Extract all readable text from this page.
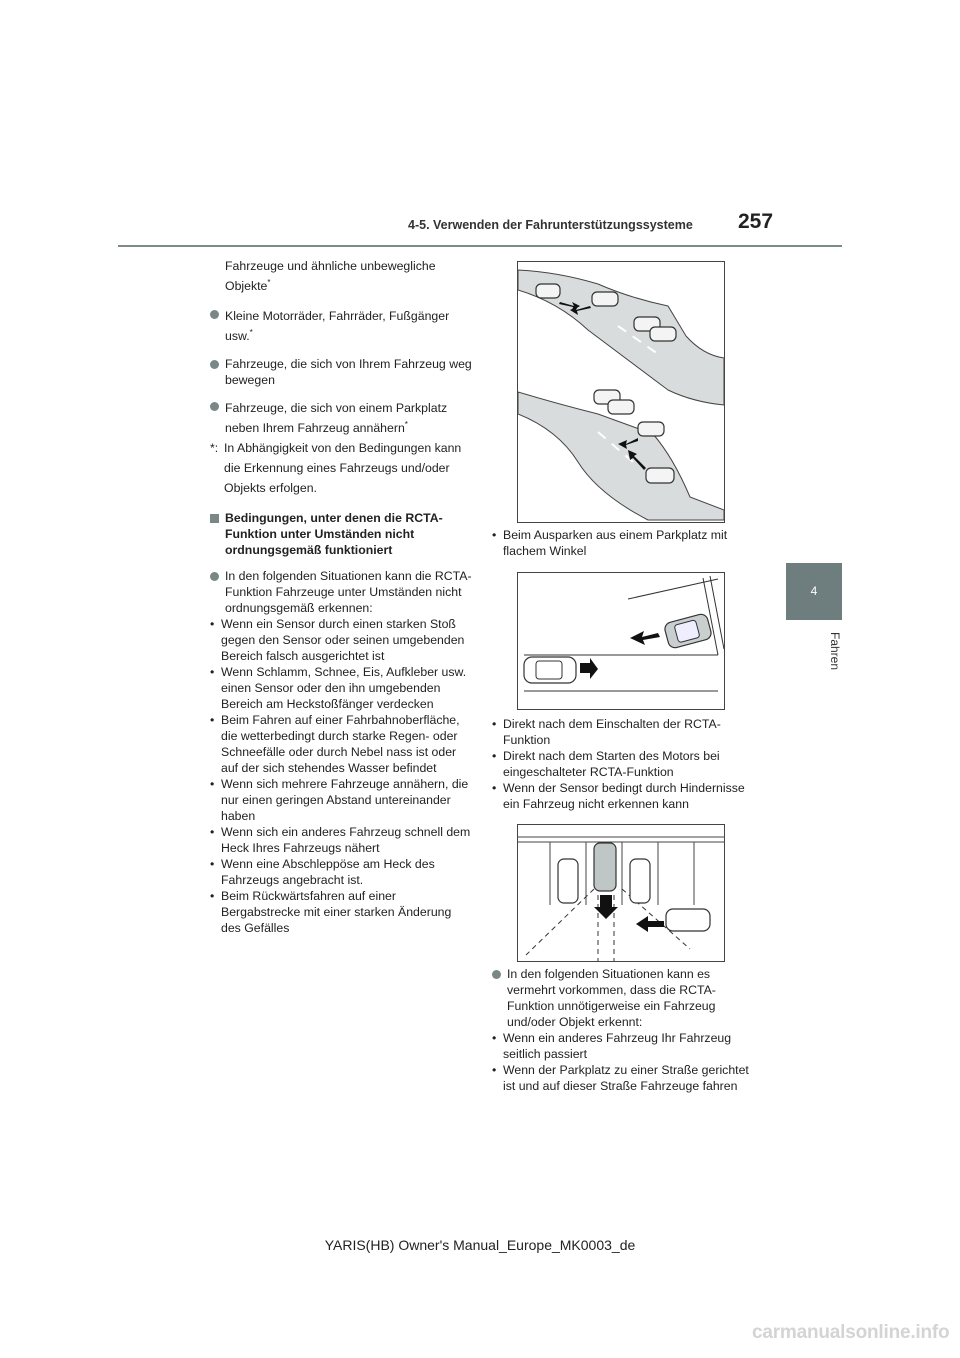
4-5. Verwenden der Fahrunterstützungssysteme 257
4
Fahren
Fahrzeuge und ähnliche unbewegliche
Objekte*
Kleine Motorräder, Fahrräder, Fußgänger
usw.*
Fahrzeuge, die sich von Ihrem Fahrzeug weg bewegen
Fahrzeuge, die sich von einem Parkplatz
neben Ihrem Fahrzeug annähern*
*: In Abhängigkeit von den Bedingungen kann die Erkennung eines Fahrzeugs und/oder Objekts erfolgen.
Bedingungen, unter denen die RCTA-Funktion unter Umständen nicht ordnungsgemäß funktioniert
In den folgenden Situationen kann die RCTA-Funktion Fahrzeuge unter Umständen nicht ordnungsgemäß erkennen:
• Wenn ein Sensor durch einen starken Stoß gegen den Sensor oder seinen umgebenden Bereich falsch ausgerichtet ist
• Wenn Schlamm, Schnee, Eis, Aufkleber usw. einen Sensor oder den ihn umgebenden Bereich am Heckstoßfänger verdecken
• Beim Fahren auf einer Fahrbahnoberfläche, die wetterbedingt durch starke Regen- oder Schneefälle oder durch Nebel nass ist oder auf der sich stehendes Wasser befindet
• Wenn sich mehrere Fahrzeuge annähern, die nur einen geringen Abstand untereinander haben
• Wenn sich ein anderes Fahrzeug schnell dem Heck Ihres Fahrzeugs nähert
• Wenn eine Abschleppöse am Heck des Fahrzeugs angebracht ist.
• Beim Rückwärtsfahren auf einer Bergabstrecke mit einer starken Änderung des Gefälles
• Beim Ausparken aus einem Parkplatz mit flachem Winkel
• Direkt nach dem Einschalten der RCTA-Funktion
• Direkt nach dem Starten des Motors bei eingeschalteter RCTA-Funktion
• Wenn der Sensor bedingt durch Hindernisse ein Fahrzeug nicht erkennen kann
In den folgenden Situationen kann es vermehrt vorkommen, dass die RCTA-Funktion unnötigerweise ein Fahrzeug und/oder Objekt erkennt:
• Wenn ein anderes Fahrzeug Ihr Fahrzeug seitlich passiert
• Wenn der Parkplatz zu einer Straße gerichtet ist und auf dieser Straße Fahrzeuge fahren
YARIS(HB) Owner's Manual_Europe_MK0003_de
carmanualsonline.info
